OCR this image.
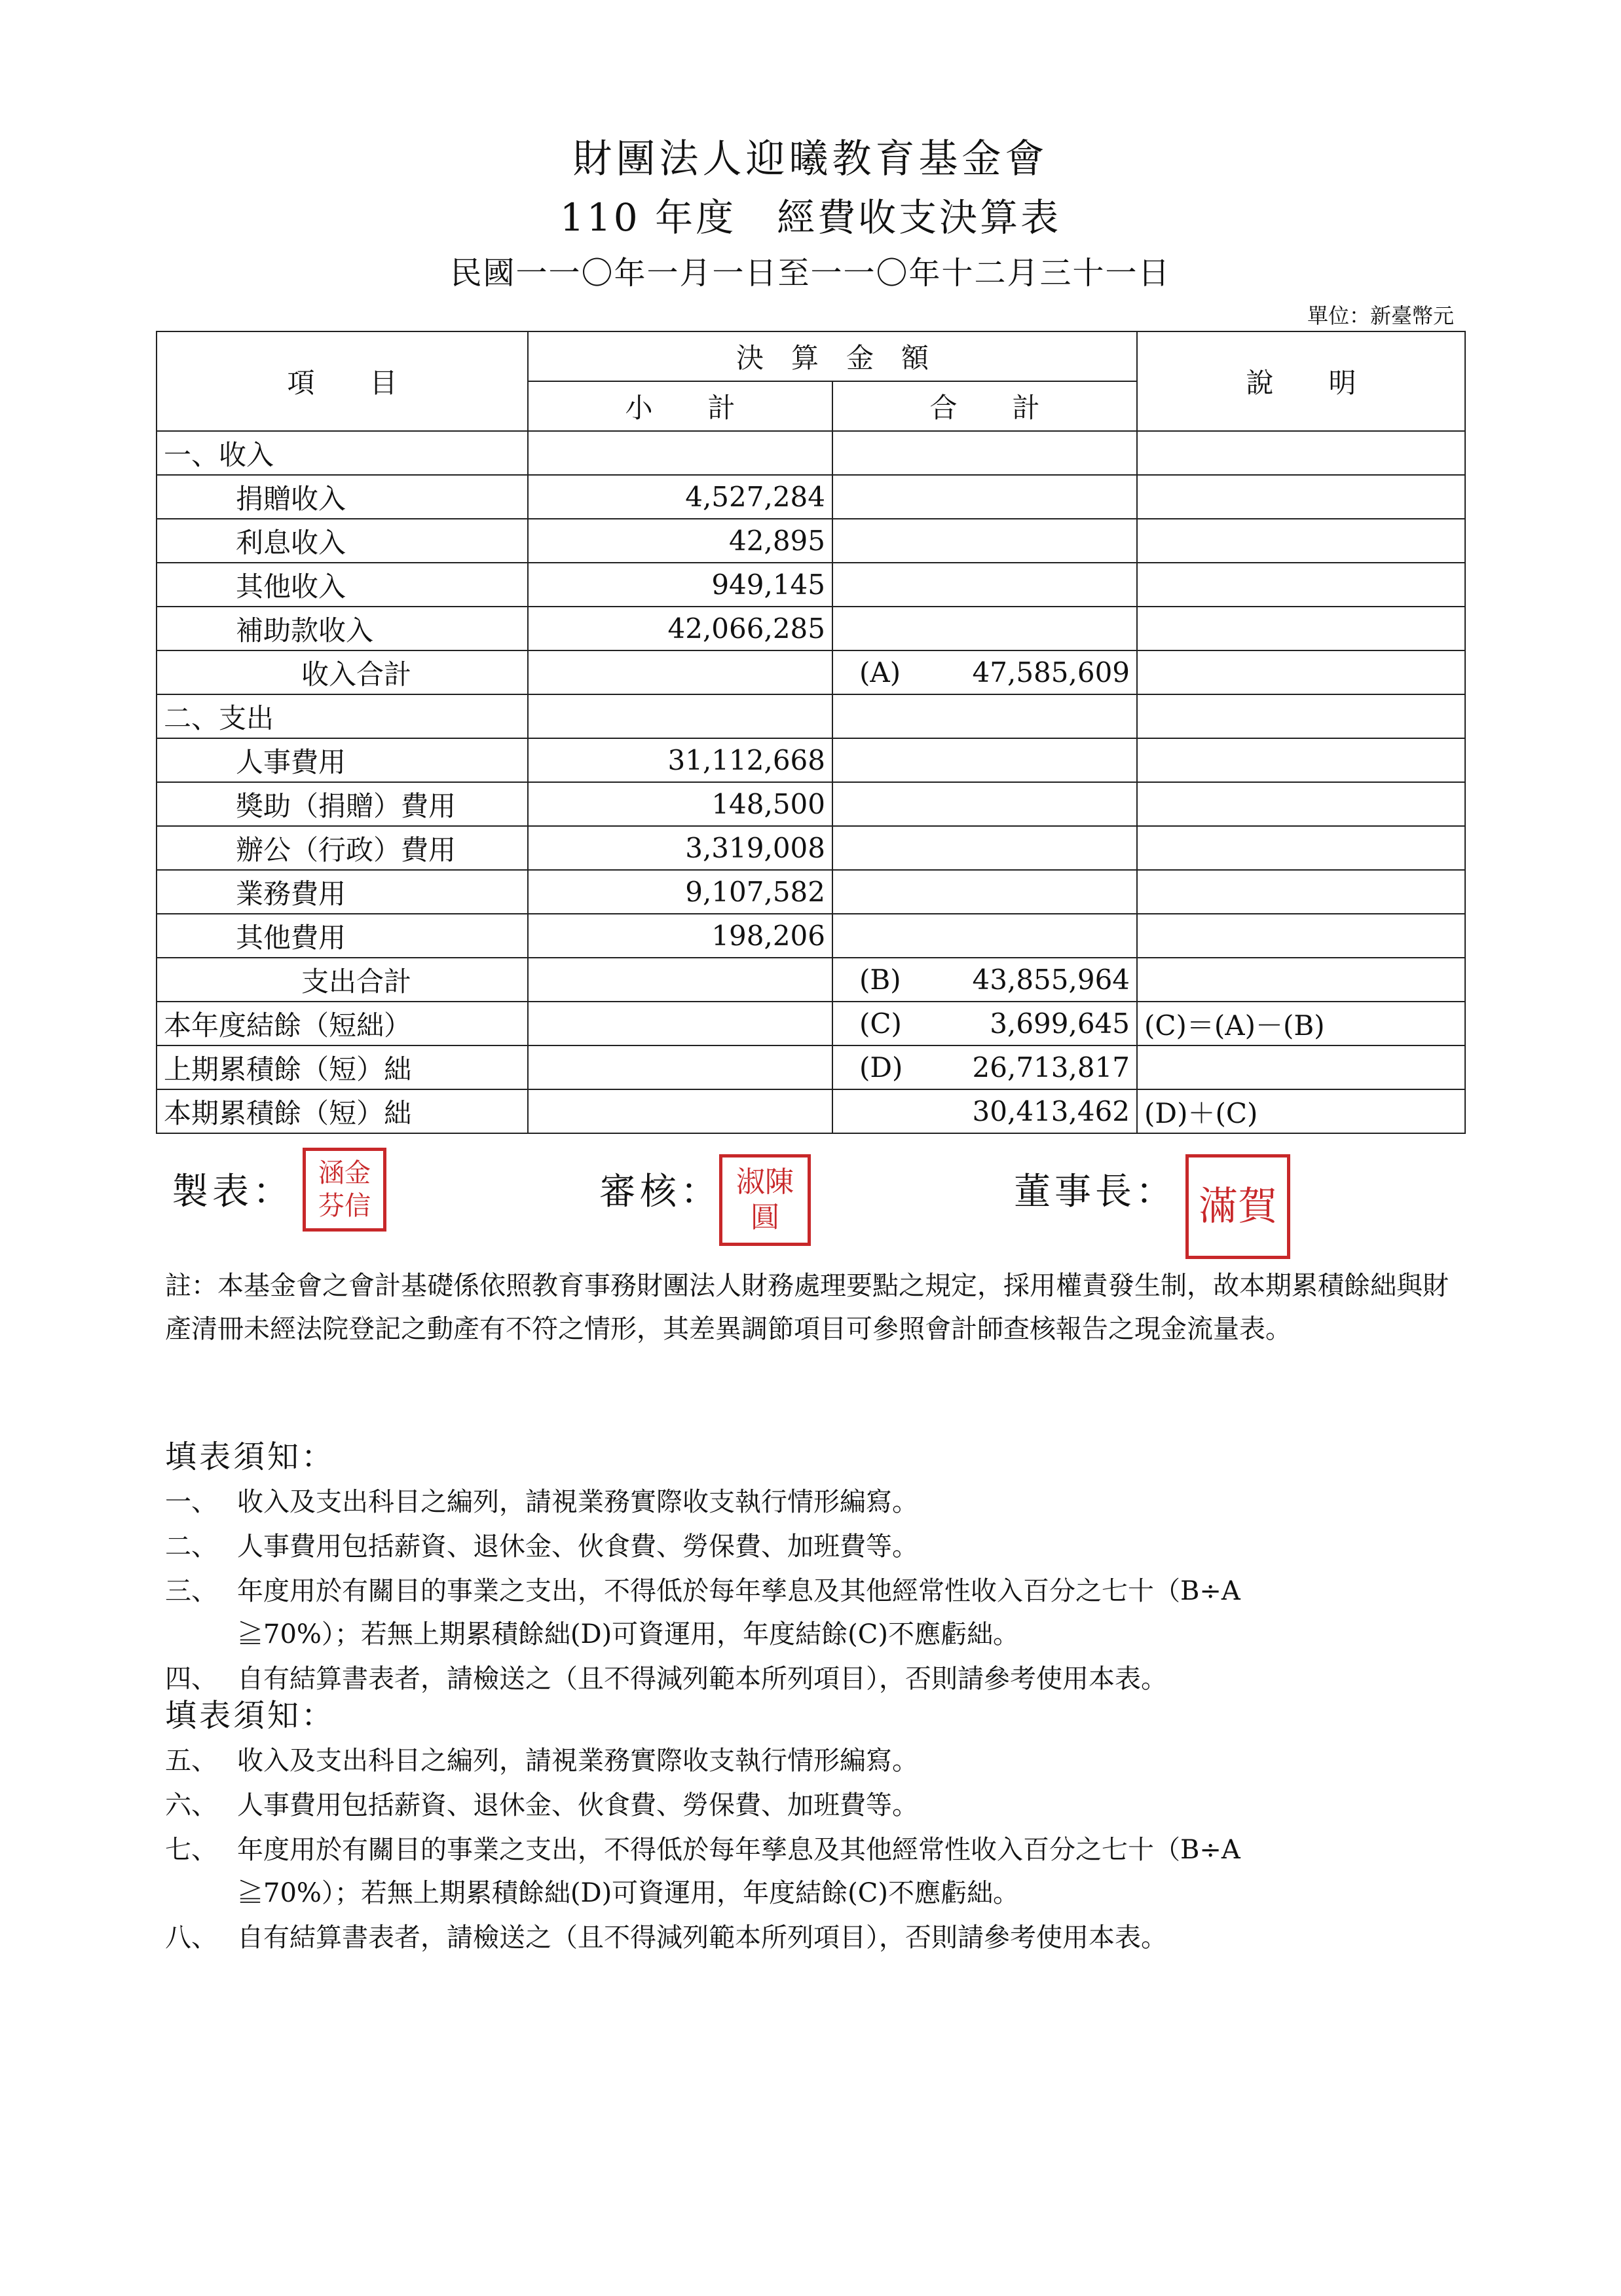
財團法人迎曦教育基金會
110 年度　經費收支決算表
民國一一〇年一月一日至一一〇年十二月三十一日
單位：新臺幣元
項　　目	決　算　金　額		說　　明
	小　　計	合　　計	
一、收入		

捐贈收入	4,527,284	

利息收入	42,895	

其他收入	949,145	

補助款收入	42,066,285	

收入合計		(A) 47,585,609	

二、支出		

人事費用	31,112,668	

獎助（捐贈）費用	148,500	

辦公（行政）費用	3,319,008	

業務費用	9,107,582	

其他費用	198,206	

支出合計		(B) 43,855,964	

本年度結餘（短絀）		(C) 3,699,645	(C)＝(A)－(B)
上期累積餘（短）絀		(D) 26,713,817	

本期累積餘（短）絀		30,413,462	(D)＋(C)
製表： 涵金芬信	審核： 淑陳圓
董事長： 滿賀
註：本基金會之會計基礎係依照教育事務財團法人財務處理要點之規定，採用權責發生制，故本期累積餘絀與財產清冊未經法院登記之動產有不符之情形，其差異調節項目可參照會計師查核報告之現金流量表。
填表須知：
一、 收入及支出科目之編列，請視業務實際收支執行情形編寫。
二、 人事費用包括薪資、退休金、伙食費、勞保費、加班費等。
三、 年度用於有關目的事業之支出，不得低於每年孳息及其他經常性收入百分之七十（B÷A
≧70%）；若無上期累積餘絀(D)可資運用，年度結餘(C)不應虧絀。
四、 自有結算書表者，請檢送之（且不得減列範本所列項目），否則請參考使用本表。
填表須知：
五、 收入及支出科目之編列，請視業務實際收支執行情形編寫。
六、 人事費用包括薪資、退休金、伙食費、勞保費、加班費等。
七、 年度用於有關目的事業之支出，不得低於每年孳息及其他經常性收入百分之七十（B÷A
≧70%）；若無上期累積餘絀(D)可資運用，年度結餘(C)不應虧絀。
八、 自有結算書表者，請檢送之（且不得減列範本所列項目），否則請參考使用本表。
